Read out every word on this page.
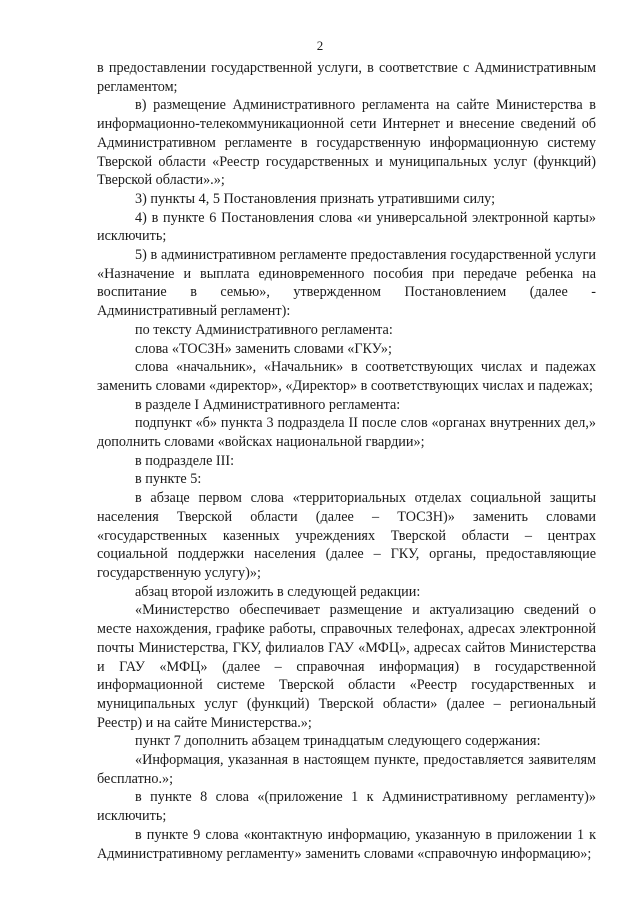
2

в предоставлении государственной услуги, в соответствие с Административным регламентом;

в) размещение Административного регламента на сайте Министерства в информационно-телекоммуникационной сети Интернет и внесение сведений об Административном регламенте в государственную информационную систему Тверской области «Реестр государственных и муниципальных услуг (функций) Тверской области».»;

3) пункты 4, 5 Постановления признать утратившими силу;

4) в пункте 6 Постановления слова «и универсальной электронной карты» исключить;

5) в административном регламенте предоставления государственной услуги «Назначение и выплата единовременного пособия при передаче ребенка на воспитание в семью», утвержденном Постановлением (далее - Административный регламент):

по тексту Административного регламента:

слова «ТОСЗН» заменить словами «ГКУ»;

слова «начальник», «Начальник» в соответствующих числах и падежах заменить словами «директор», «Директор» в соответствующих числах и падежах;

в разделе I Административного регламента:

подпункт «б» пункта 3 подраздела II после слов «органах внутренних дел,» дополнить словами «войсках национальной гвардии»;

в подразделе III:

в пункте 5:

в абзаце первом слова «территориальных отделах социальной защиты населения Тверской области (далее – ТОСЗН)» заменить словами «государственных казенных учреждениях Тверской области – центрах социальной поддержки населения (далее – ГКУ, органы, предоставляющие государственную услугу)»;

абзац второй изложить в следующей редакции:

«Министерство обеспечивает размещение и актуализацию сведений о месте нахождения, графике работы, справочных телефонах, адресах электронной почты Министерства, ГКУ, филиалов ГАУ «МФЦ», адресах сайтов Министерства и ГАУ «МФЦ» (далее – справочная информация) в государственной информационной системе Тверской области «Реестр государственных и муниципальных услуг (функций) Тверской области» (далее – региональный Реестр) и на сайте Министерства.»;

пункт 7 дополнить абзацем тринадцатым следующего содержания:

«Информация, указанная в настоящем пункте, предоставляется заявителям бесплатно.»;

в пункте 8 слова «(приложение 1 к Административному регламенту)» исключить;

в пункте 9 слова «контактную информацию, указанную в приложении 1 к Административному регламенту» заменить словами «справочную информацию»;
